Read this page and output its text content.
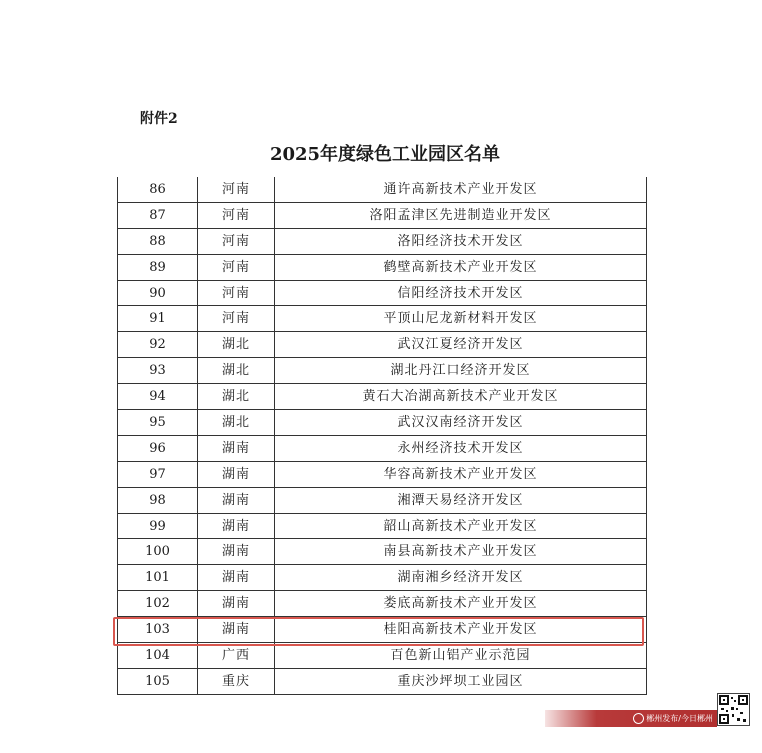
附件2
2025年度绿色工业园区名单
86	河南	通许高新技术产业开发区
87	河南	洛阳孟津区先进制造业开发区
88	河南	洛阳经济技术开发区
89	河南	鹤壁高新技术产业开发区
90	河南	信阳经济技术开发区
91	河南	平顶山尼龙新材料开发区
92	湖北	武汉江夏经济开发区
93	湖北	湖北丹江口经济开发区
94	湖北	黄石大冶湖高新技术产业开发区
95	湖北	武汉汉南经济开发区
96	湖南	永州经济技术开发区
97	湖南	华容高新技术产业开发区
98	湖南	湘潭天易经济开发区
99	湖南	韶山高新技术产业开发区
100	湖南	南县高新技术产业开发区
101	湖南	湖南湘乡经济开发区
102	湖南	娄底高新技术产业开发区
103	湖南	桂阳高新技术产业开发区
104	广西	百色新山铝产业示范园
105	重庆	重庆沙坪坝工业园区
郴州发布/今日郴州
